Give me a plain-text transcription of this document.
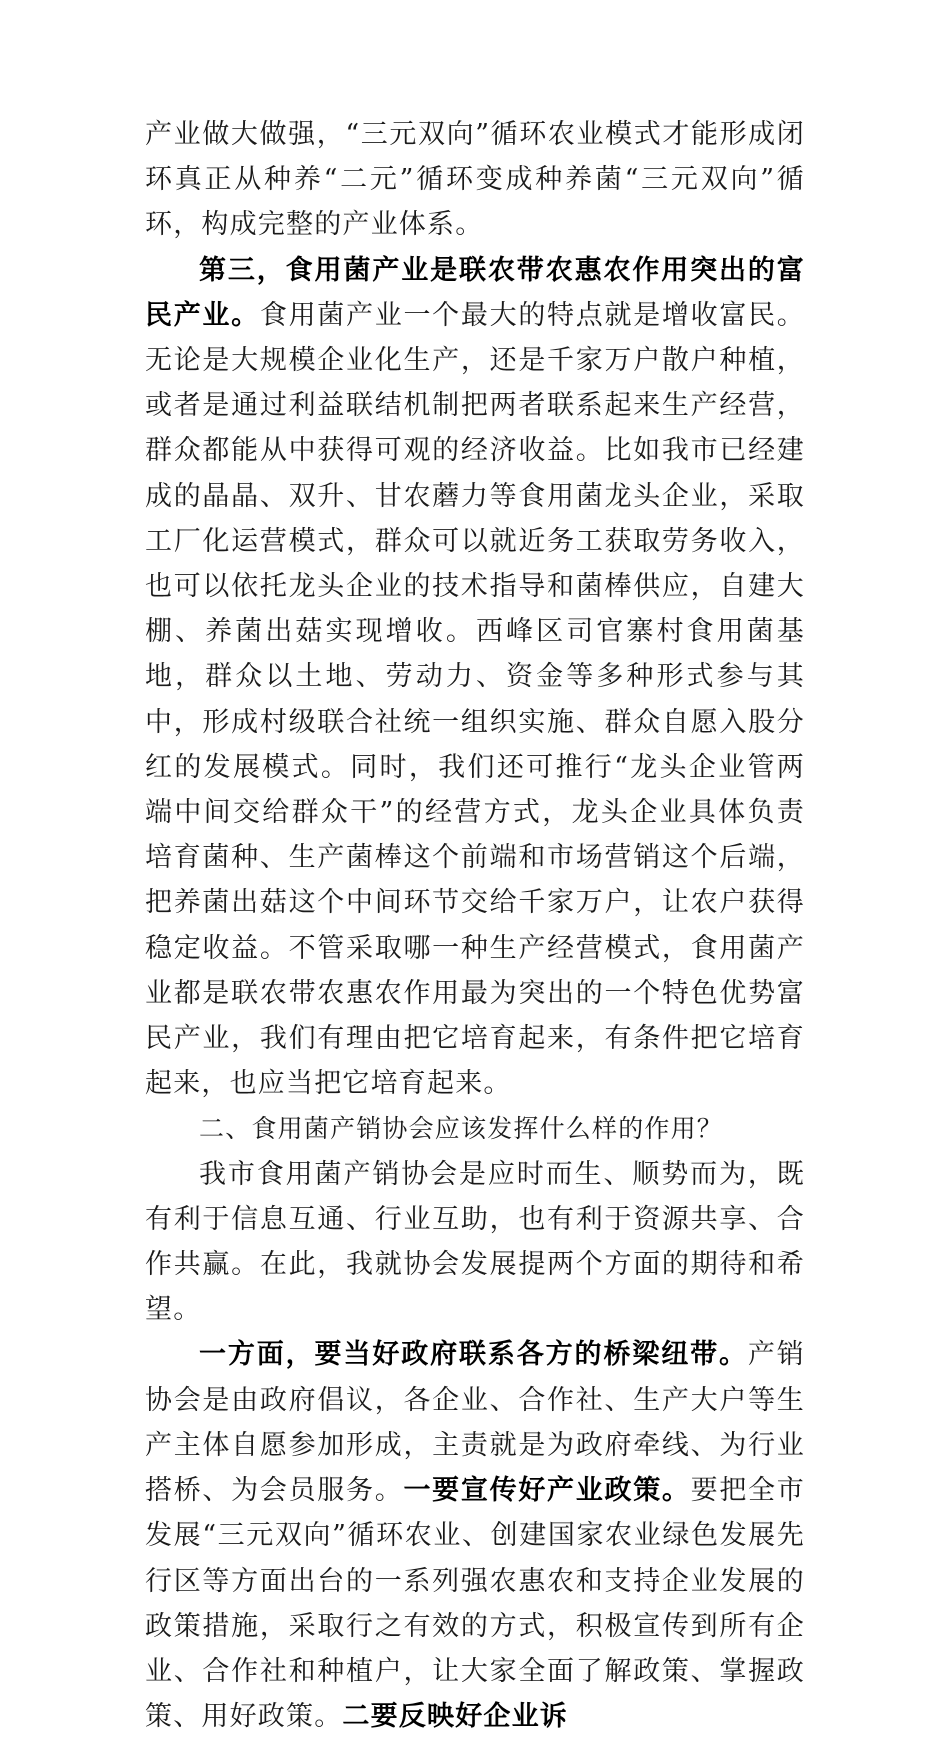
产业做大做强，“三元双向”循环农业模式才能形成闭环真正从种养“二元”循环变成种养菌“三元双向”循环，构成完整的产业体系。

第三，食用菌产业是联农带农惠农作用突出的富民产业。食用菌产业一个最大的特点就是增收富民。无论是大规模企业化生产，还是千家万户散户种植，或者是通过利益联结机制把两者联系起来生产经营，群众都能从中获得可观的经济收益。比如我市已经建成的晶晶、双升、甘农蘑力等食用菌龙头企业，采取工厂化运营模式，群众可以就近务工获取劳务收入，也可以依托龙头企业的技术指导和菌棒供应，自建大棚、养菌出菇实现增收。西峰区司官寨村食用菌基地，群众以土地、劳动力、资金等多种形式参与其中，形成村级联合社统一组织实施、群众自愿入股分红的发展模式。同时，我们还可推行“龙头企业管两端中间交给群众干”的经营方式，龙头企业具体负责培育菌种、生产菌棒这个前端和市场营销这个后端，把养菌出菇这个中间环节交给千家万户，让农户获得稳定收益。不管采取哪一种生产经营模式，食用菌产业都是联农带农惠农作用最为突出的一个特色优势富民产业，我们有理由把它培育起来，有条件把它培育起来，也应当把它培育起来。

二、食用菌产销协会应该发挥什么样的作用？

我市食用菌产销协会是应时而生、顺势而为，既有利于信息互通、行业互助，也有利于资源共享、合作共赢。在此，我就协会发展提两个方面的期待和希望。

一方面，要当好政府联系各方的桥梁纽带。产销协会是由政府倡议，各企业、合作社、生产大户等生产主体自愿参加形成，主责就是为政府牵线、为行业搭桥、为会员服务。一要宣传好产业政策。要把全市发展“三元双向”循环农业、创建国家农业绿色发展先行区等方面出台的一系列强农惠农和支持企业发展的政策措施，采取行之有效的方式，积极宣传到所有企业、合作社和种植户，让大家全面了解政策、掌握政策、用好政策。二要反映好企业诉
